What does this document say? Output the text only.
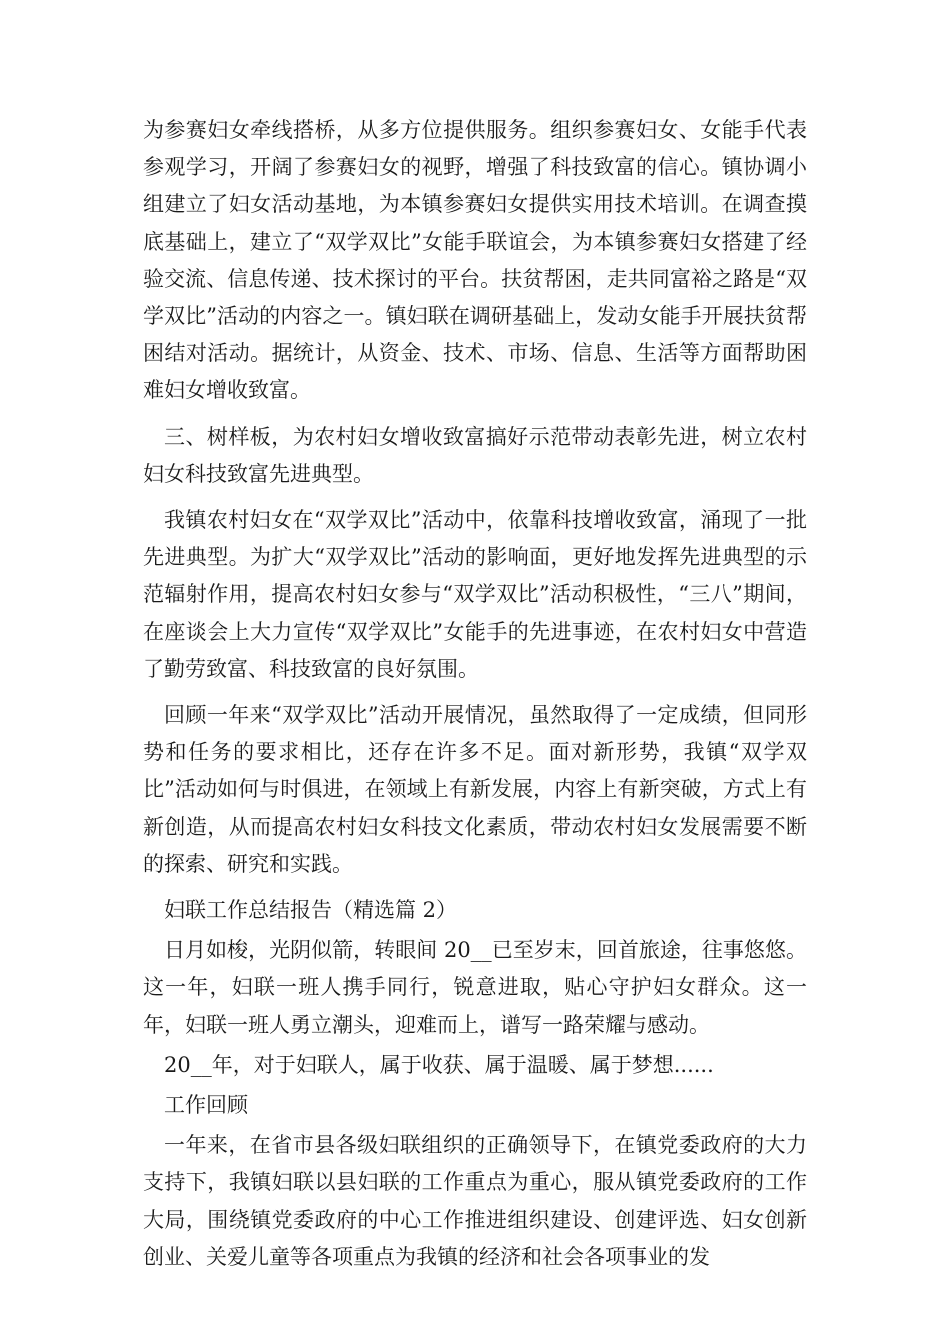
为参赛妇女牵线搭桥，从多方位提供服务。组织参赛妇女、女能手代表参观学习，开阔了参赛妇女的视野，增强了科技致富的信心。镇协调小组建立了妇女活动基地，为本镇参赛妇女提供实用技术培训。在调查摸底基础上，建立了“双学双比”女能手联谊会，为本镇参赛妇女搭建了经验交流、信息传递、技术探讨的平台。扶贫帮困，走共同富裕之路是“双学双比”活动的内容之一。镇妇联在调研基础上，发动女能手开展扶贫帮困结对活动。据统计，从资金、技术、市场、信息、生活等方面帮助困难妇女增收致富。

三、树样板，为农村妇女增收致富搞好示范带动表彰先进，树立农村妇女科技致富先进典型。

我镇农村妇女在“双学双比”活动中，依靠科技增收致富，涌现了一批先进典型。为扩大“双学双比”活动的影响面，更好地发挥先进典型的示范辐射作用，提高农村妇女参与“双学双比”活动积极性，“三八”期间，在座谈会上大力宣传“双学双比”女能手的先进事迹，在农村妇女中营造了勤劳致富、科技致富的良好氛围。

回顾一年来“双学双比”活动开展情况，虽然取得了一定成绩，但同形势和任务的要求相比，还存在许多不足。面对新形势，我镇“双学双比”活动如何与时俱进，在领域上有新发展，内容上有新突破，方式上有新创造，从而提高农村妇女科技文化素质，带动农村妇女发展需要不断的探索、研究和实践。

妇联工作总结报告（精选篇 2）

日月如梭，光阴似箭，转眼间 20__已至岁末，回首旅途，往事悠悠。这一年，妇联一班人携手同行，锐意进取，贴心守护妇女群众。这一年，妇联一班人勇立潮头，迎难而上，谱写一路荣耀与感动。

20__年，对于妇联人，属于收获、属于温暖、属于梦想......

工作回顾

一年来，在省市县各级妇联组织的正确领导下，在镇党委政府的大力支持下，我镇妇联以县妇联的工作重点为重心，服从镇党委政府的工作大局，围绕镇党委政府的中心工作推进组织建设、创建评选、妇女创新创业、关爱儿童等各项重点为我镇的经济和社会各项事业的发
